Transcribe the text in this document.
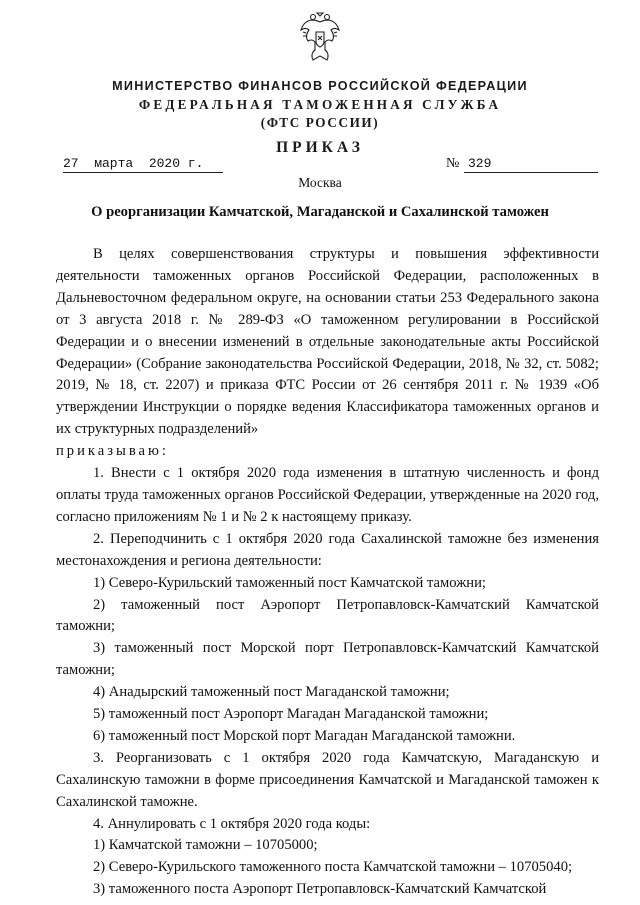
МИНИСТЕРСТВО ФИНАНСОВ РОССИЙСКОЙ ФЕДЕРАЦИИ
ФЕДЕРАЛЬНАЯ ТАМОЖЕННАЯ СЛУЖБА
(ФТС РОССИИ)
ПРИКАЗ
27  марта  2020 г.	№ 329
Москва
О реорганизации Камчатской, Магаданской и Сахалинской таможен

В целях совершенствования структуры и повышения эффективности деятельности таможенных органов Российской Федерации, расположенных в Дальневосточном федеральном округе, на основании статьи 253 Федерального закона от 3 августа 2018 г. № 289-ФЗ «О таможенном регулировании в Российской Федерации и о внесении изменений в отдельные законодательные акты Российской Федерации» (Собрание законодательства Российской Федерации, 2018, № 32, ст. 5082; 2019, № 18, ст. 2207) и приказа ФТС России от 26 сентября 2011 г. № 1939 «Об утверждении Инструкции о порядке ведения Классификатора таможенных органов и их структурных подразделений»

приказываю:

1. Внести с 1 октября 2020 года изменения в штатную численность и фонд оплаты труда таможенных органов Российской Федерации, утвержденные на 2020 год, согласно приложениям № 1 и № 2 к настоящему приказу.

2. Переподчинить с 1 октября 2020 года Сахалинской таможне без изменения местонахождения и региона деятельности:

1) Северо-Курильский таможенный пост Камчатской таможни;

2) таможенный пост Аэропорт Петропавловск-Камчатский Камчатской таможни;

3) таможенный пост Морской порт Петропавловск-Камчатский Камчатской таможни;

4) Анадырский таможенный пост Магаданской таможни;

5) таможенный пост Аэропорт Магадан Магаданской таможни;

6) таможенный пост Морской порт Магадан Магаданской таможни.

3. Реорганизовать с 1 октября 2020 года Камчатскую, Магаданскую и Сахалинскую таможни в форме присоединения Камчатской и Магаданской таможен к Сахалинской таможне.

4. Аннулировать с 1 октября 2020 года коды:

1) Камчатской таможни – 10705000;

2) Северо-Курильского таможенного поста Камчатской таможни – 10705040;

3) таможенного поста Аэропорт Петропавловск-Камчатский Камчатской
